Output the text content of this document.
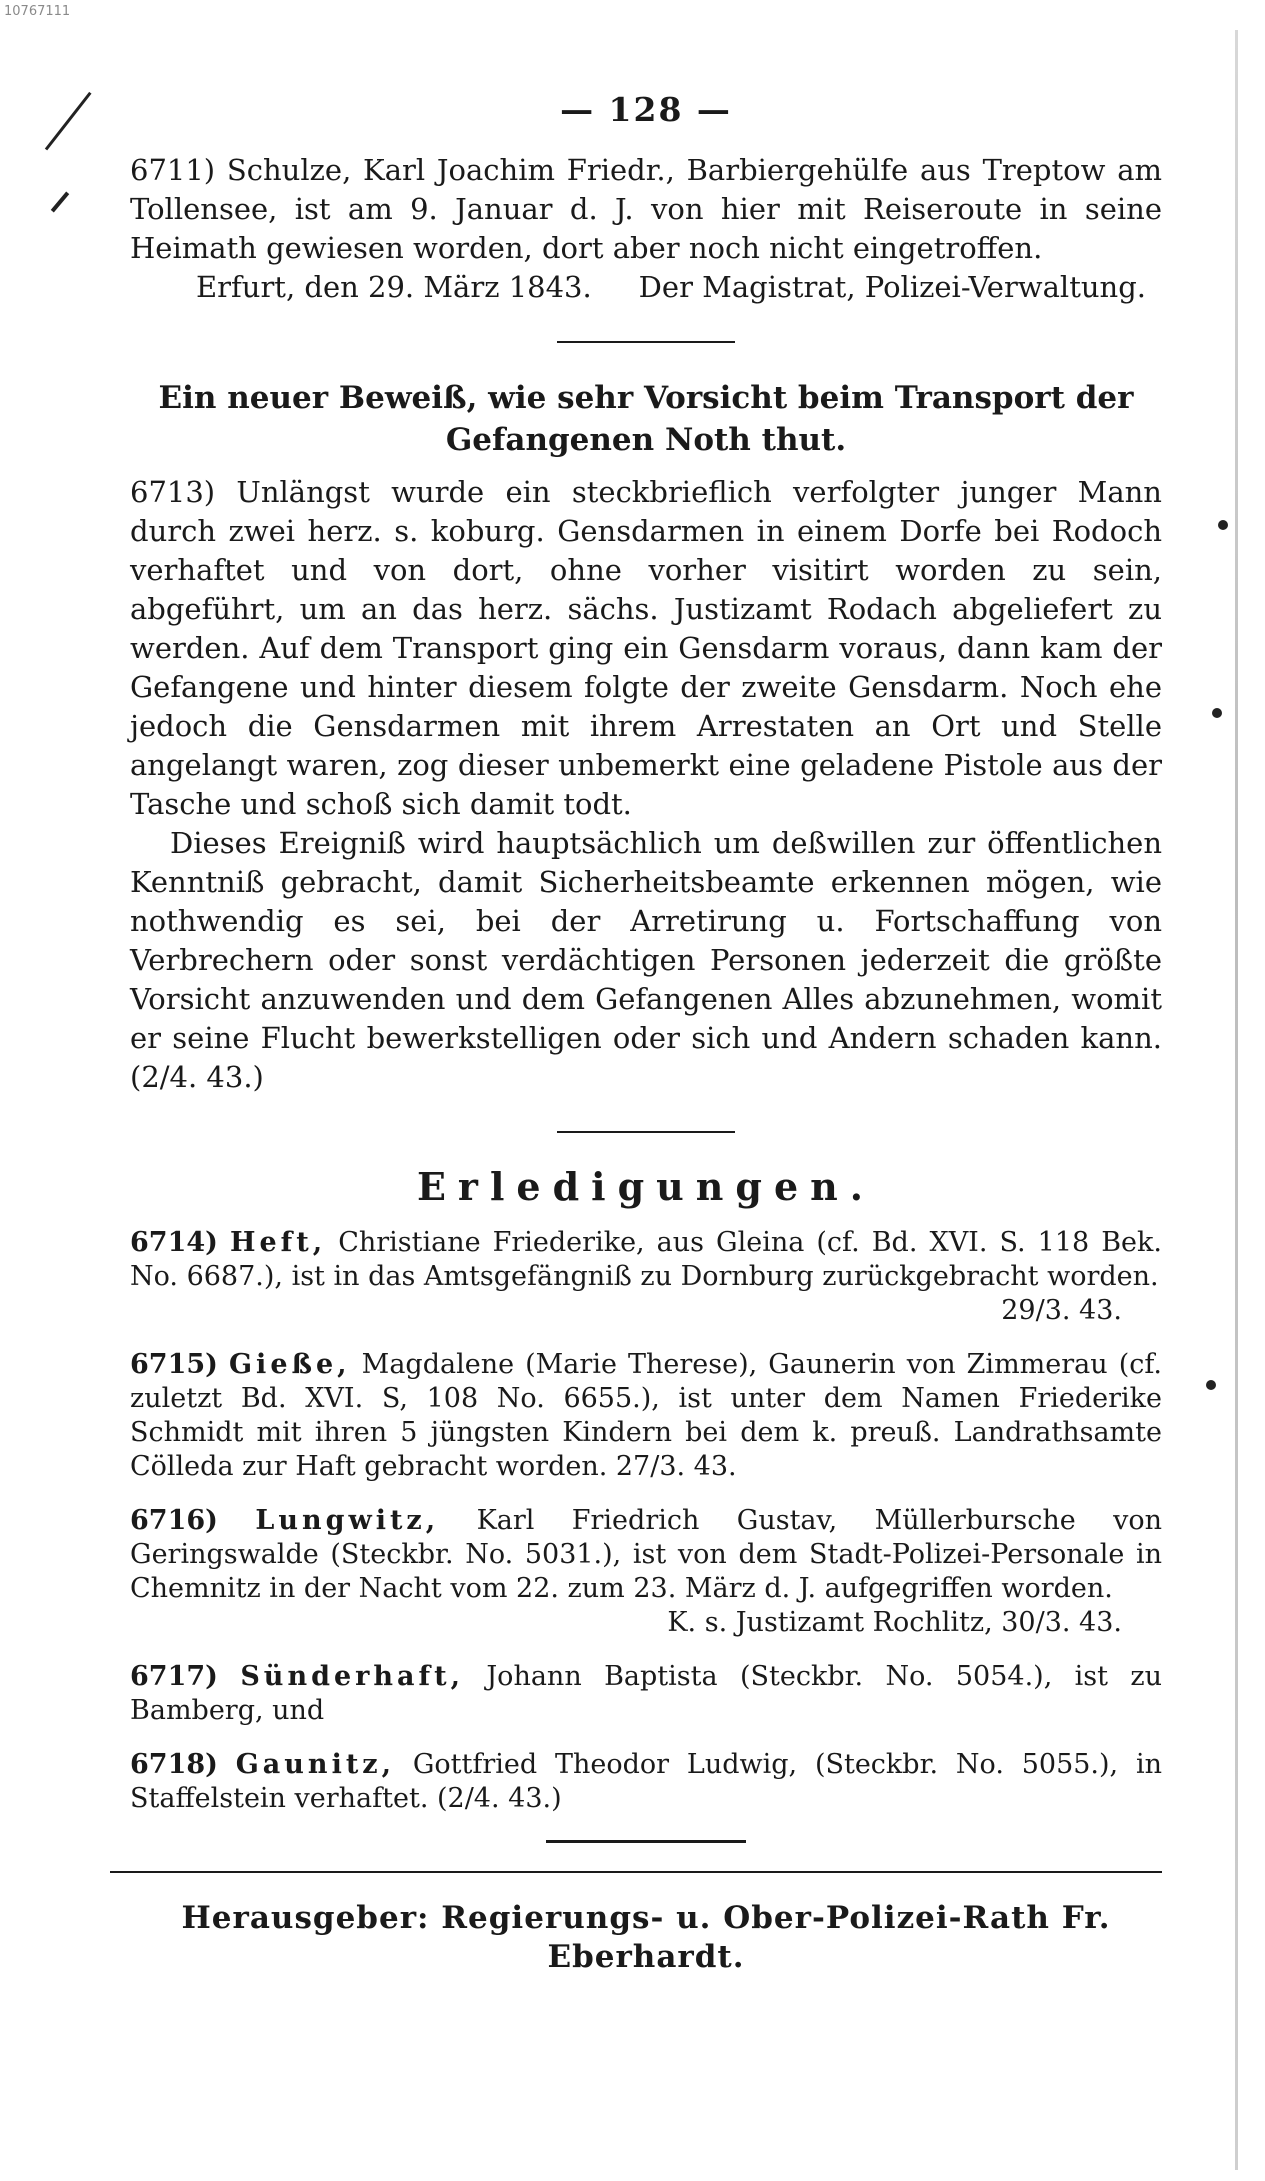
10767111
— 128 —

6711) Schulze, Karl Joachim Friedr., Barbiergehülfe aus Treptow am Tollensee, ist am 9. Januar d. J. von hier mit Reiseroute in seine Heimath gewiesen worden, dort aber noch nicht eingetroffen.

Erfurt, den 29. März 1843. Der Magistrat, Polizei-Verwaltung.
Ein neuer Beweiß, wie sehr Vorsicht beim Transport der Gefangenen Noth thut.

6713) Unlängst wurde ein steckbrieflich verfolgter junger Mann durch zwei herz. s. koburg. Gensdarmen in einem Dorfe bei Rodoch verhaftet und von dort, ohne vorher visitirt worden zu sein, abgeführt, um an das herz. sächs. Justizamt Rodach abgeliefert zu werden. Auf dem Transport ging ein Gensdarm voraus, dann kam der Gefangene und hinter diesem folgte der zweite Gensdarm. Noch ehe jedoch die Gensdarmen mit ihrem Arrestaten an Ort und Stelle angelangt waren, zog dieser unbemerkt eine geladene Pistole aus der Tasche und schoß sich damit todt.

Dieses Ereigniß wird hauptsächlich um deßwillen zur öffentlichen Kenntniß gebracht, damit Sicherheitsbeamte erkennen mögen, wie nothwendig es sei, bei der Arretirung u. Fortschaffung von Verbrechern oder sonst verdächtigen Personen jederzeit die größte Vorsicht anzuwenden und dem Gefangenen Alles abzunehmen, womit er seine Flucht bewerkstelligen oder sich und Andern schaden kann. (2/4. 43.)

Erledigungen.
6714) Heft, Christiane Friederike, aus Gleina (cf. Bd. XVI. S. 118 Bek. No. 6687.), ist in das Amtsgefängniß zu Dornburg zurückgebracht worden.
29/3. 43.
6715) Gieße, Magdalene (Marie Therese), Gaunerin von Zimmerau (cf. zuletzt Bd. XVI. S, 108 No. 6655.), ist unter dem Namen Friederike Schmidt mit ihren 5 jüngsten Kindern bei dem k. preuß. Landrathsamte Cölleda zur Haft gebracht worden. 27/3. 43.
6716) Lungwitz, Karl Friedrich Gustav, Müllerbursche von Geringswalde (Steckbr. No. 5031.), ist von dem Stadt-Polizei-Personale in Chemnitz in der Nacht vom 22. zum 23. März d. J. aufgegriffen worden.
K. s. Justizamt Rochlitz, 30/3. 43.
6717) Sünderhaft, Johann Baptista (Steckbr. No. 5054.), ist zu Bamberg, und
6718) Gaunitz, Gottfried Theodor Ludwig, (Steckbr. No. 5055.), in Staffelstein verhaftet. (2/4. 43.)
Herausgeber: Regierungs- u. Ober-Polizei-Rath Fr. Eberhardt.
